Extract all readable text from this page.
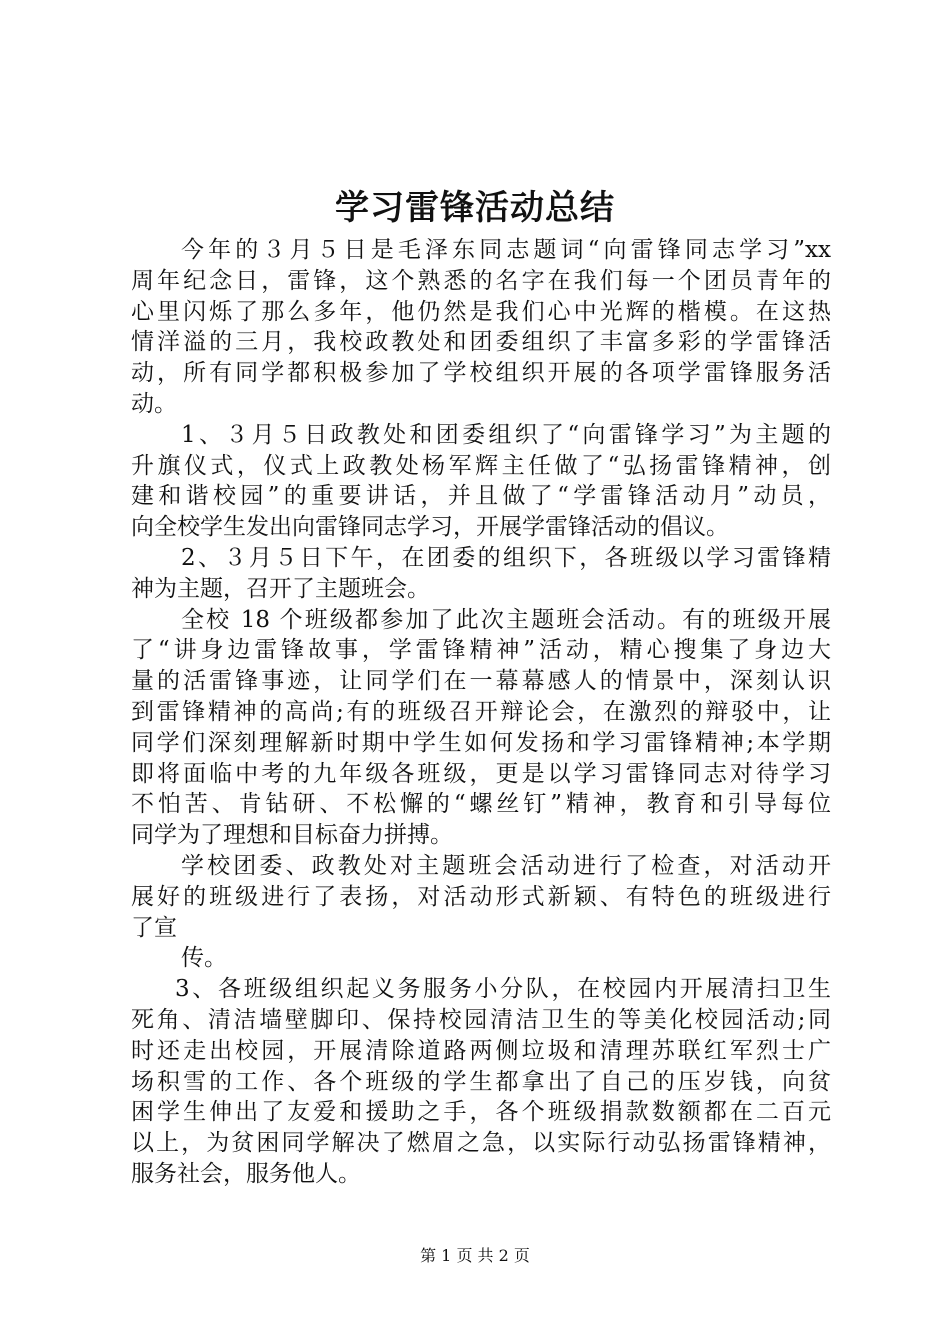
学习雷锋活动总结
今年的３月５日是毛泽东同志题词“向雷锋同志学习”xx
周年纪念日，雷锋，这个熟悉的名字在我们每一个团员青年的
心里闪烁了那么多年，他仍然是我们心中光辉的楷模。在这热
情洋溢的三月，我校政教处和团委组织了丰富多彩的学雷锋活
动，所有同学都积极参加了学校组织开展的各项学雷锋服务活
动。
1、３月５日政教处和团委组织了“向雷锋学习”为主题的
升旗仪式，仪式上政教处杨军辉主任做了“弘扬雷锋精神，创
建和谐校园”的重要讲话，并且做了“学雷锋活动月”动员，
向全校学生发出向雷锋同志学习，开展学雷锋活动的倡议。
2、３月５日下午，在团委的组织下，各班级以学习雷锋精
神为主题，召开了主题班会。
全校 18 个班级都参加了此次主题班会活动。有的班级开展
了“讲身边雷锋故事，学雷锋精神”活动，精心搜集了身边大
量的活雷锋事迹，让同学们在一幕幕感人的情景中，深刻认识
到雷锋精神的高尚;有的班级召开辩论会，在激烈的辩驳中，让
同学们深刻理解新时期中学生如何发扬和学习雷锋精神;本学期
即将面临中考的九年级各班级，更是以学习雷锋同志对待学习
不怕苦、肯钻研、不松懈的“螺丝钉”精神，教育和引导每位
同学为了理想和目标奋力拼搏。
学校团委、政教处对主题班会活动进行了检查，对活动开
展好的班级进行了表扬，对活动形式新颖、有特色的班级进行
了宣
传。
3、各班级组织起义务服务小分队，在校园内开展清扫卫生
死角、清洁墙壁脚印、保持校园清洁卫生的等美化校园活动;同
时还走出校园，开展清除道路两侧垃圾和清理苏联红军烈士广
场积雪的工作、各个班级的学生都拿出了自己的压岁钱，向贫
困学生伸出了友爱和援助之手，各个班级捐款数额都在二百元
以上，为贫困同学解决了燃眉之急，以实际行动弘扬雷锋精神，
服务社会，服务他人。
第 1 页 共 2 页
